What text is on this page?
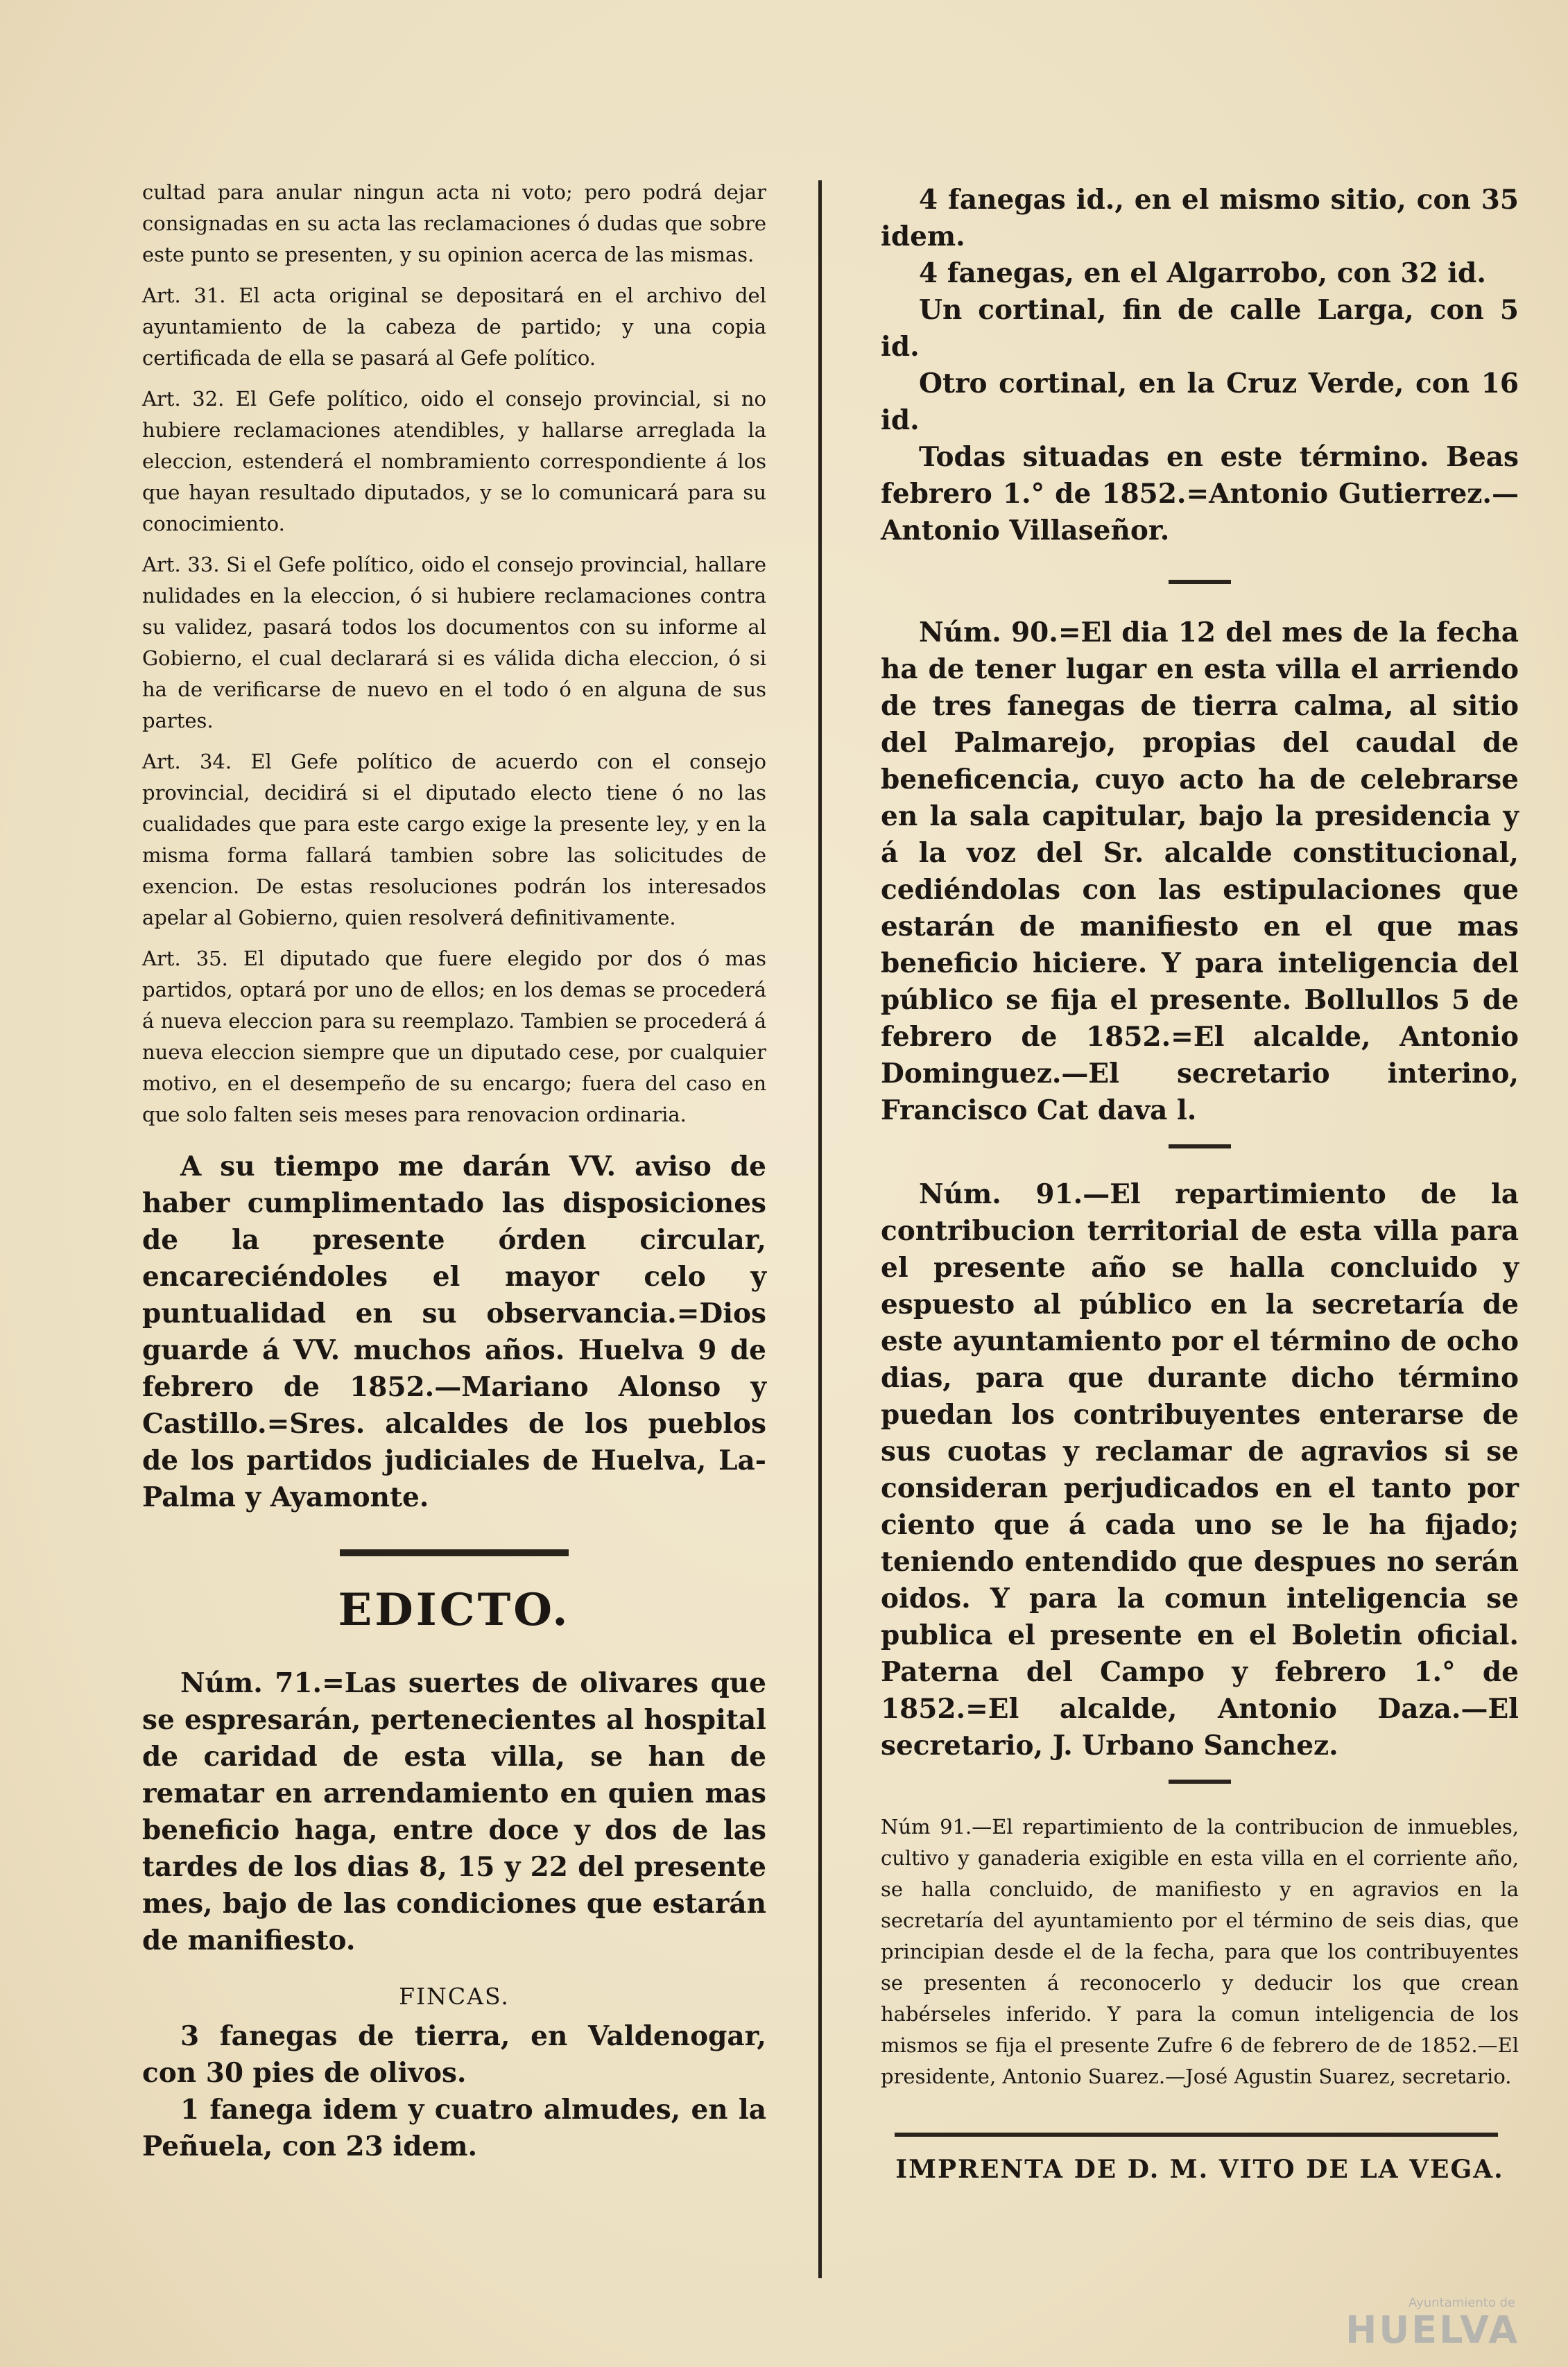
cultad para anular ningun acta ni voto; pero podrá dejar consignadas en su acta las reclamaciones ó dudas que sobre este punto se presenten, y su opinion acerca de las mismas.

Art. 31. El acta original se depositará en el archivo del ayuntamiento de la cabeza de partido; y una copia certificada de ella se pasará al Gefe político.

Art. 32. El Gefe político, oido el consejo provincial, si no hubiere reclamaciones atendibles, y hallarse arreglada la eleccion, estenderá el nombramiento correspondiente á los que hayan resultado diputados, y se lo comunicará para su conocimiento.

Art. 33. Si el Gefe político, oido el consejo provincial, hallare nulidades en la eleccion, ó si hubiere reclamaciones contra su validez, pasará todos los documentos con su informe al Gobierno, el cual declarará si es válida dicha eleccion, ó si ha de verificarse de nuevo en el todo ó en alguna de sus partes.

Art. 34. El Gefe político de acuerdo con el consejo provincial, decidirá si el diputado electo tiene ó no las cualidades que para este cargo exige la presente ley, y en la misma forma fallará tambien sobre las solicitudes de exencion. De estas resoluciones podrán los interesados apelar al Gobierno, quien resolverá definitivamente.

Art. 35. El diputado que fuere elegido por dos ó mas partidos, optará por uno de ellos; en los demas se procederá á nueva eleccion para su reemplazo. Tambien se procederá á nueva eleccion siempre que un diputado cese, por cualquier motivo, en el desempeño de su encargo; fuera del caso en que solo falten seis meses para renovacion ordinaria.

A su tiempo me darán VV. aviso de haber cumplimentado las disposiciones de la presente órden circular, encareciéndoles el mayor celo y puntualidad en su observancia.=Dios guarde á VV. muchos años. Huelva 9 de febrero de 1852.—Mariano Alonso y Castillo.=Sres. alcaldes de los pueblos de los partidos judiciales de Huelva, La-Palma y Ayamonte.

EDICTO.

Núm. 71.=Las suertes de olivares que se espresarán, pertenecientes al hospital de caridad de esta villa, se han de rematar en arrendamiento en quien mas beneficio haga, entre doce y dos de las tardes de los dias 8, 15 y 22 del presente mes, bajo de las condiciones que estarán de manifiesto.

FINCAS.

3 fanegas de tierra, en Valdenogar, con 30 pies de olivos.

1 fanega idem y cuatro almudes, en la Peñuela, con 23 idem.

4 fanegas id., en el mismo sitio, con 35 idem.

4 fanegas, en el Algarrobo, con 32 id.

Un cortinal, fin de calle Larga, con 5 id.

Otro cortinal, en la Cruz Verde, con 16 id.

Todas situadas en este término. Beas febrero 1.° de 1852.=Antonio Gutierrez.—Antonio Villaseñor.

Núm. 90.=El dia 12 del mes de la fecha ha de tener lugar en esta villa el arriendo de tres fanegas de tierra calma, al sitio del Palmarejo, propias del caudal de beneficencia, cuyo acto ha de celebrarse en la sala capitular, bajo la presidencia y á la voz del Sr. alcalde constitucional, cediéndolas con las estipulaciones que estarán de manifiesto en el que mas beneficio hiciere. Y para inteligencia del público se fija el presente. Bollullos 5 de febrero de 1852.=El alcalde, Antonio Dominguez.—El secretario interino, Francisco Cat dava l.

Núm. 91.—El repartimiento de la contribucion territorial de esta villa para el presente año se halla concluido y espuesto al público en la secretaría de este ayuntamiento por el término de ocho dias, para que durante dicho término puedan los contribuyentes enterarse de sus cuotas y reclamar de agravios si se consideran perjudicados en el tanto por ciento que á cada uno se le ha fijado; teniendo entendido que despues no serán oidos. Y para la comun inteligencia se publica el presente en el Boletin oficial. Paterna del Campo y febrero 1.° de 1852.=El alcalde, Antonio Daza.—El secretario, J. Urbano Sanchez.

Núm 91.—El repartimiento de la contribucion de inmuebles, cultivo y ganaderia exigible en esta villa en el corriente año, se halla concluido, de manifiesto y en agravios en la secretaría del ayuntamiento por el término de seis dias, que principian desde el de la fecha, para que los contribuyentes se presenten á reconocerlo y deducir los que crean habérseles inferido. Y para la comun inteligencia de los mismos se fija el presente Zufre 6 de febrero de de 1852.—El presidente, Antonio Suarez.—José Agustin Suarez, secretario.

IMPRENTA DE D. M. VITO DE LA VEGA.
Ayuntamiento de
HUELVA
